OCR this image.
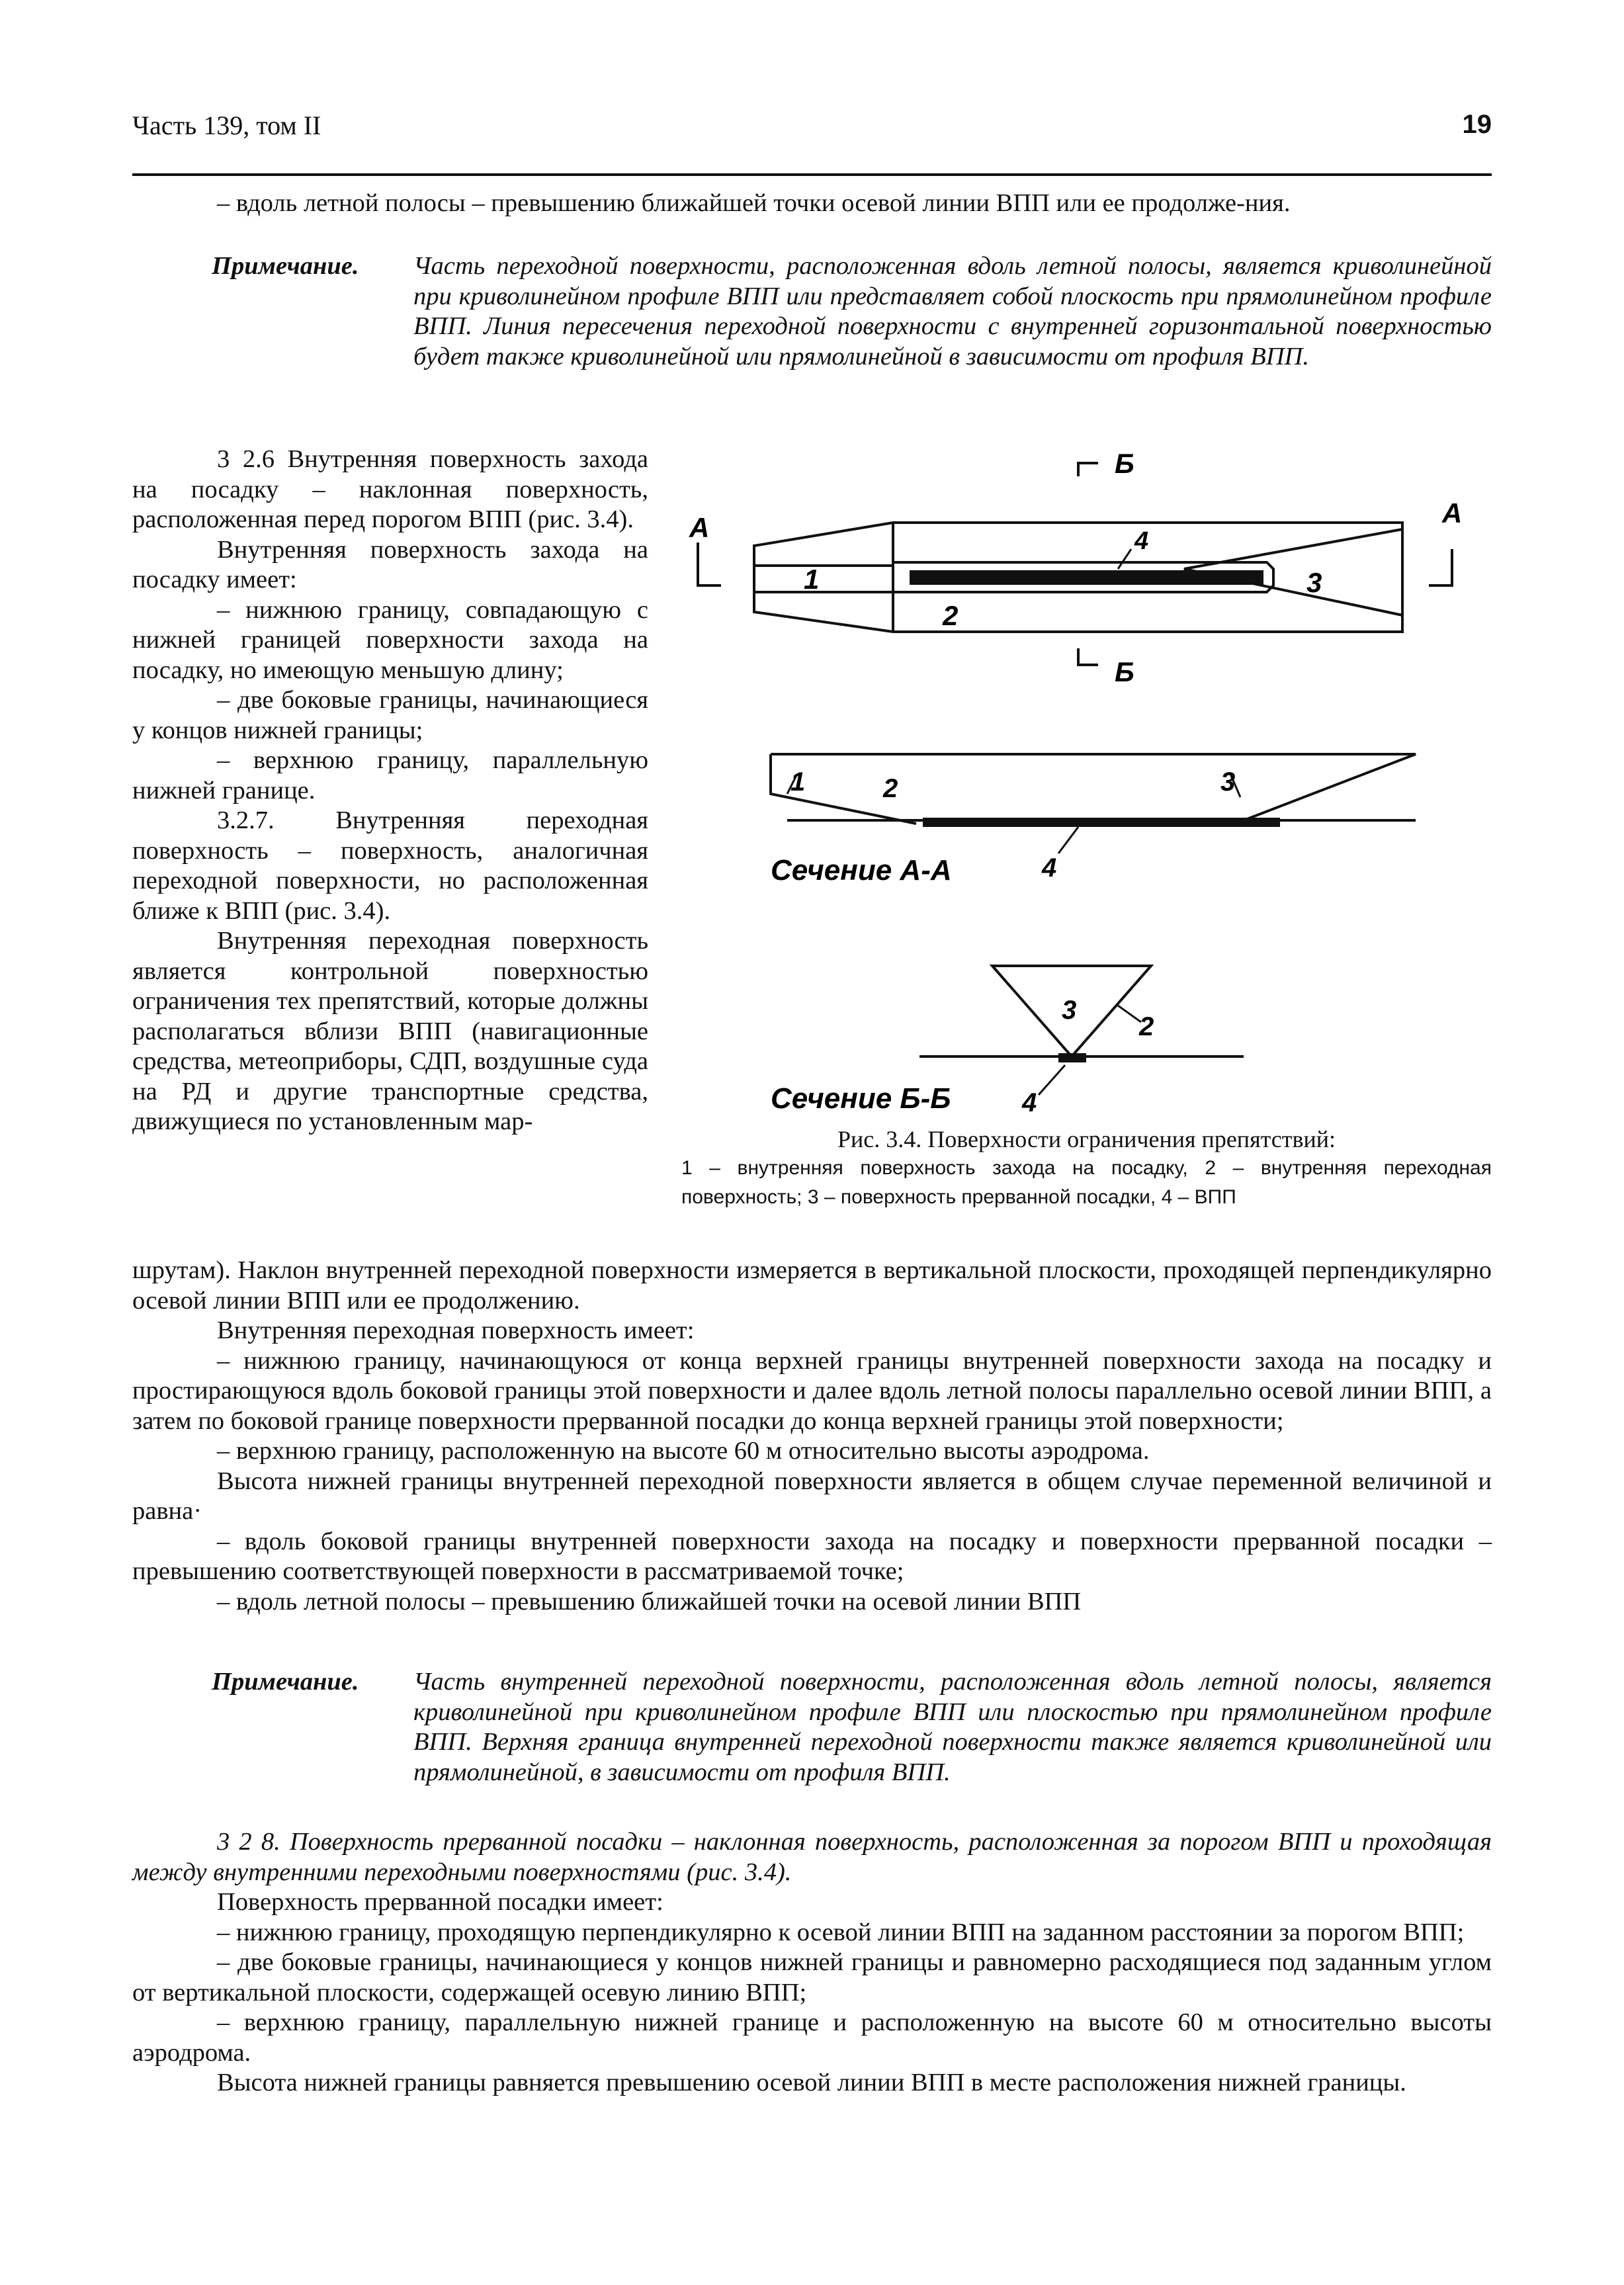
Часть 139, том II	19
– вдоль летной полосы – превышению ближайшей точки осевой линии ВПП или ее продолже-ния.
Примечание.	Часть переходной поверхности, расположенная вдоль летной полосы, является криволинейной при криволинейном профиле ВПП или представляет собой плоскость при прямолинейном профиле ВПП. Линия пересечения переходной поверхности с внутренней горизонтальной поверхностью будет также криволинейной или прямолинейной в зависимости от профиля ВПП.

3 2.6 Внутренняя поверхность захода на посадку – наклонная поверхность, расположенная перед порогом ВПП (рис. 3.4).

Внутренняя поверхность захода на посадку имеет:

– нижнюю границу, совпадающую с нижней границей поверхности захода на посадку, но имеющую меньшую длину;

– две боковые границы, начинающиеся у концов нижней границы;

– верхнюю границу, параллельную нижней границе.

3.2.7. Внутренняя переходная поверхность – поверхность, аналогичная переходной поверхности, но расположенная ближе к ВПП (рис. 3.4).

Внутренняя переходная поверхность является контрольной поверхностью ограничения тех препятствий, которые должны располагаться вблизи ВПП (навигационные средства, метеоприборы, СДП, воздушные суда на РД и другие транспортные средства, движущиеся по установленным мар-

Б
Б
А	А
1
2
3
4
1	2	3
4
Сечение А-А
3
2
4
Сечение Б-Б
Рис. 3.4. Поверхности ограничения препятствий:
1 – внутренняя поверхность захода на посадку, 2 – внутренняя переходная поверхность; 3 – поверхность прерванной посадки, 4 – ВПП

шрутам). Наклон внутренней переходной поверхности измеряется в вертикальной плоскости, проходящей перпендикулярно осевой линии ВПП или ее продолжению.

Внутренняя переходная поверхность имеет:

– нижнюю границу, начинающуюся от конца верхней границы внутренней поверхности захода на посадку и простирающуюся вдоль боковой границы этой поверхности и далее вдоль летной полосы параллельно осевой линии ВПП, а затем по боковой границе поверхности прерванной посадки до конца верхней границы этой поверхности;

– верхнюю границу, расположенную на высоте 60 м относительно высоты аэродрома.

Высота нижней границы внутренней переходной поверхности является в общем случае переменной величиной и равна·

– вдоль боковой границы внутренней поверхности захода на посадку и поверхности прерванной посадки – превышению соответствующей поверхности в рассматриваемой точке;

– вдоль летной полосы – превышению ближайшей точки на осевой линии ВПП

Примечание.	Часть внутренней переходной поверхности, расположенная вдоль летной полосы, является криволинейной при криволинейном профиле ВПП или плоскостью при прямолинейном профиле ВПП. Верхняя граница внутренней переходной поверхности также является криволинейной или прямолинейной, в зависимости от профиля ВПП.

3 2 8. Поверхность прерванной посадки – наклонная поверхность, расположенная за порогом ВПП и проходящая между внутренними переходными поверхностями (рис. 3.4).

Поверхность прерванной посадки имеет:

– нижнюю границу, проходящую перпендикулярно к осевой линии ВПП на заданном расстоянии за порогом ВПП;

– две боковые границы, начинающиеся у концов нижней границы и равномерно расходящиеся под заданным углом от вертикальной плоскости, содержащей осевую линию ВПП;

– верхнюю границу, параллельную нижней границе и расположенную на высоте 60 м относительно высоты аэродрома.

Высота нижней границы равняется превышению осевой линии ВПП в месте расположения нижней границы.
